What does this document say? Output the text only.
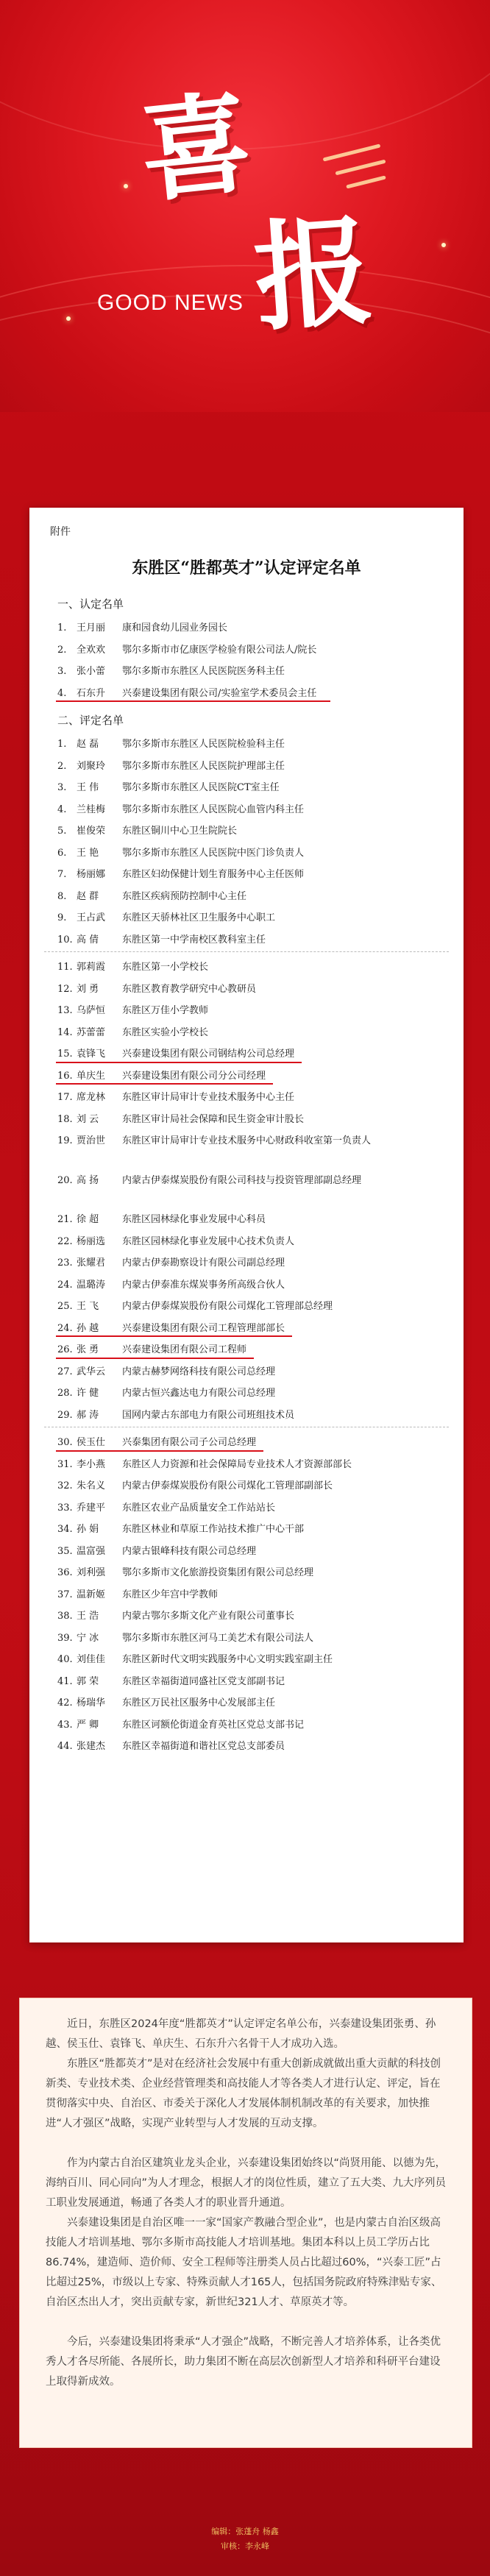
喜
报
GOOD NEWS
附件
东胜区“胜都英才”认定评定名单
一、认定名单
1. 王月丽 康和园食幼儿园业务园长
2. 全欢欢 鄂尔多斯市市亿康医学检验有限公司法人/院长
3. 张小蕾 鄂尔多斯市东胜区人民医院医务科主任
4. 石东升 兴泰建设集团有限公司/实验室学术委员会主任
二、评定名单
1. 赵 磊 鄂尔多斯市东胜区人民医院检验科主任
2. 刘聚玲 鄂尔多斯市东胜区人民医院护理部主任
3. 王 伟 鄂尔多斯市东胜区人民医院CT室主任
4. 兰桂梅 鄂尔多斯市东胜区人民医院心血管内科主任
5. 崔俊荣 东胜区铜川中心卫生院院长
6. 王 艳 鄂尔多斯市东胜区人民医院中医门诊负责人
7. 杨丽娜 东胜区妇幼保健计划生育服务中心主任医师
8. 赵 群 东胜区疾病预防控制中心主任
9. 王占武 东胜区天骄林社区卫生服务中心职工
10. 高 倩 东胜区第一中学南校区教科室主任
11. 郭莉霞 东胜区第一小学校长
12. 刘 勇 东胜区教育教学研究中心教研员
13. 乌萨恒 东胜区万佳小学教师
14. 苏蕾蕾 东胜区实验小学校长
15. 袁锋飞 兴泰建设集团有限公司钢结构公司总经理
16. 单庆生 兴泰建设集团有限公司分公司经理
17. 席龙林 东胜区审计局审计专业技术服务中心主任
18. 刘 云 东胜区审计局社会保障和民生资金审计股长
19. 贾治世 东胜区审计局审计专业技术服务中心财政科收室第一负责人
20. 高 扬 内蒙古伊泰煤炭股份有限公司科技与投资管理部副总经理
21. 徐 超 东胜区园林绿化事业发展中心科员
22. 杨丽选 东胜区园林绿化事业发展中心技术负责人
23. 张耀君 内蒙古伊泰勘察设计有限公司副总经理
24. 温璐涛 内蒙古伊泰准东煤炭事务所高级合伙人
25. 王 飞 内蒙古伊泰煤炭股份有限公司煤化工管理部总经理
24. 孙 越 兴泰建设集团有限公司工程管理部部长
26. 张 勇 兴泰建设集团有限公司工程师
27. 武华云 内蒙古赫梦网络科技有限公司总经理
28. 许 健 内蒙古恒兴鑫达电力有限公司总经理
29. 郝 涛 国网内蒙古东部电力有限公司班组技术员
30. 侯玉仕 兴泰集团有限公司子公司总经理
31. 李小燕 东胜区人力资源和社会保障局专业技术人才资源部部长
32. 朱名义 内蒙古伊泰煤炭股份有限公司煤化工管理部副部长
33. 乔建平 东胜区农业产品质量安全工作站站长
34. 孙 娟 东胜区林业和草原工作站技术推广中心干部
35. 温富强 内蒙古银峰科技有限公司总经理
36. 刘利强 鄂尔多斯市文化旅游投资集团有限公司总经理
37. 温新姬 东胜区少年宫中学教师
38. 王 浩 内蒙古鄂尔多斯文化产业有限公司董事长
39. 宁 冰 鄂尔多斯市东胜区河马工美艺术有限公司法人
40. 刘佳佳 东胜区新时代文明实践服务中心文明实践室副主任
41. 郭 荣 东胜区幸福街道同盛社区党支部副书记
42. 杨瑞华 东胜区万民社区服务中心发展部主任
43. 严 卿 东胜区诃额伦街道金育英社区党总支部书记
44. 张建杰 东胜区幸福街道和谐社区党总支部委员

近日，东胜区2024年度“胜都英才”认定评定名单公布，兴泰建设集团张勇、孙越、侯玉仕、袁锋飞、单庆生、石东升六名骨干人才成功入选。

东胜区“胜都英才”是对在经济社会发展中有重大创新成就做出重大贡献的科技创新类、专业技术类、企业经营管理类和高技能人才等各类人才进行认定、评定，旨在贯彻落实中央、自治区、市委关于深化人才发展体制机制改革的有关要求，加快推进“人才强区”战略，实现产业转型与人才发展的互动支撑。

作为内蒙古自治区建筑业龙头企业，兴泰建设集团始终以“尚贤用能、以德为先，海纳百川、同心同向”为人才理念，根据人才的岗位性质，建立了五大类、九大序列员工职业发展通道，畅通了各类人才的职业晋升通道。

兴泰建设集团是自治区唯一一家“国家产教融合型企业”，也是内蒙古自治区级高技能人才培训基地、鄂尔多斯市高技能人才培训基地。集团本科以上员工学历占比86.74%，建造师、造价师、安全工程师等注册类人员占比超过60%，“兴泰工匠”占比超过25%，市级以上专家、特殊贡献人才165人，包括国务院政府特殊津贴专家、自治区杰出人才，突出贡献专家，新世纪321人才、草原英才等。

今后，兴泰建设集团将秉承“人才强企”战略，不断完善人才培养体系，让各类优秀人才各尽所能、各展所长，助力集团不断在高层次创新型人才培养和科研平台建设上取得新成效。

编辑：张蓬舟 杨鑫
审核：李永峰
